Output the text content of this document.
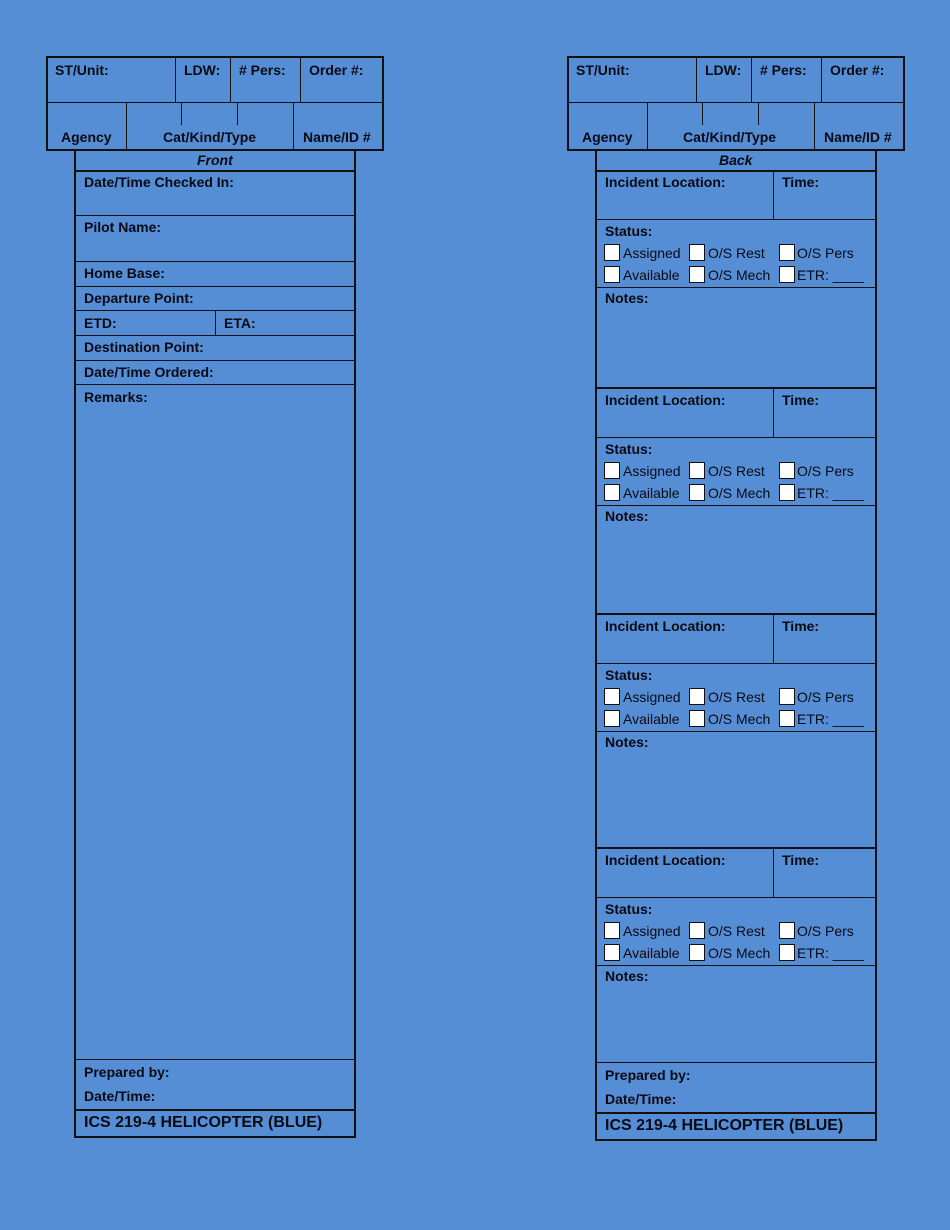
ST/Unit:	LDW: # Pers: Order #:
Agency	Cat/Kind/Type	Name/ID #
Front
Date/Time Checked In:
Pilot Name:
Home Base:
Departure Point:
ETD:	ETA:
Destination Point:
Date/Time Ordered:
Remarks:
Prepared by:
Date/Time:
ICS 219-4 HELICOPTER (BLUE)
ST/Unit:	LDW: # Pers: Order #:
Agency	Cat/Kind/Type	Name/ID #
Back
Incident Location:	Time:
Status:
Assigned O/S Rest O/S Pers
Available O/S Mech ETR: ____
Notes:
Incident Location:	Time:
Status:
Assigned O/S Rest O/S Pers
Available O/S Mech ETR: ____
Notes:
Incident Location:	Time:
Status:
Assigned O/S Rest O/S Pers
Available O/S Mech ETR: ____
Notes:
Incident Location:	Time:
Status:
Assigned O/S Rest O/S Pers
Available O/S Mech ETR: ____
Notes:
Prepared by:
Date/Time:
ICS 219-4 HELICOPTER (BLUE)
